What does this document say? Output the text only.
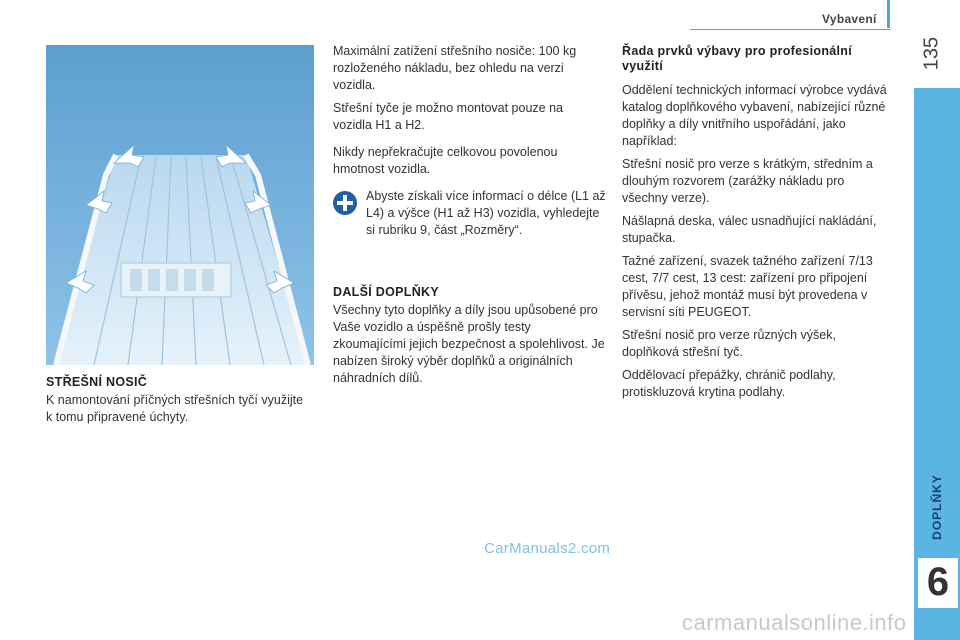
Vybavení
135
DOPLŇKY
6
STŘEŠNÍ NOSIČ

K namontování příčných střešních tyčí využijte k tomu připravené úchyty.

Maximální zatížení střešního nosiče: 100 kg rozloženého nákladu, bez ohledu na verzi vozidla.

Střešní tyče je možno montovat pouze na vozidla H1 a H2.

Nikdy nepřekračujte celkovou povolenou hmotnost vozidla.

Abyste získali více informací o délce (L1 až L4) a výšce (H1 až H3) vozidla, vyhledejte si rubriku 9, část „Rozměry“.

DALŠÍ DOPLŇKY

Všechny tyto doplňky a díly jsou upůsobené pro Vaše vozidlo a úspěšně prošly testy zkoumajícími jejich bezpečnost a spolehlivost. Je nabízen široký výběr doplňků a originálních náhradních dílů.

Řada prvků výbavy pro profesionální využití

Oddělení technických informací výrobce vydává katalog doplňkového vybavení, nabízející různé doplňky a díly vnitřního uspořádání, jako například:

Střešní nosič pro verze s krátkým, středním a dlouhým rozvorem (zarážky nákladu pro všechny verze).

Nášlapná deska, válec usnadňující nakládání, stupačka.

Tažné zařízení, svazek tažného zařízení 7/13 cest, 7/7 cest, 13 cest: zařízení pro připojení přívěsu, jehož montáž musí být provedena v servisní síti PEUGEOT.

Střešní nosič pro verze různých výšek, doplňková střešní tyč.

Oddělovací přepážky, chránič podlahy, protiskluzová krytina podlahy.

CarManuals2.com
carmanualsonline.info
